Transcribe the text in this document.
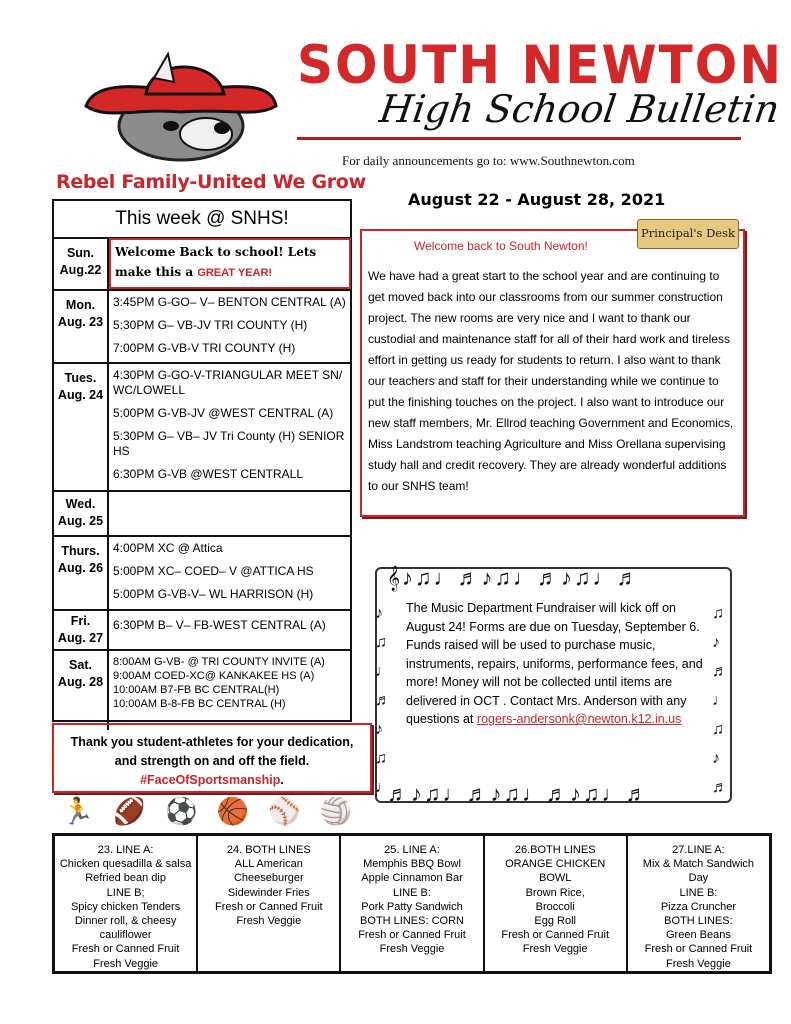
SOUTH NEWTON
High School Bulletin
For daily announcements go to: www.Southnewton.com
Rebel Family-United We Grow
August 22 - August 28, 2021
This week @ SNHS!
Sun.
Aug.22
Welcome Back to school! Lets make this a GREAT YEAR!
Mon.
Aug. 23
3:45PM G-GO– V– BENTON CENTRAL (A)
5:30PM G– VB-JV TRI COUNTY (H)
7:00PM G-VB-V TRI COUNTY (H)
Tues.
Aug. 24
4:30PM G-GO-V-TRIANGULAR MEET SN/ WC/LOWELL
5:00PM G-VB-JV @WEST CENTRAL (A)
5:30PM G– VB– JV Tri County (H) SENIOR HS
6:30PM G-VB @WEST CENTRALL
Wed.
Aug. 25
Thurs.
Aug. 26
4:00PM XC @ Attica
5:00PM XC– COED– V @ATTICA HS
5:00PM G-VB-V– WL HARRISON (H)
Fri.
Aug. 27
6:30PM B– V– FB-WEST CENTRAL (A)
Sat.
Aug. 28
8:00AM G-VB- @ TRI COUNTY INVITE (A)
9:00AM COED-XC@ KANKAKEE HS (A)
10:00AM B7-FB BC CENTRAL(H)
10:00AM B-8-FB BC CENTRAL (H)
Welcome back to South Newton!
We have had a great start to the school year and are continuing to get moved back into our classrooms from our summer construction project. The new rooms are very nice and I want to thank our custodial and maintenance staff for all of their hard work and tireless effort in getting us ready for students to return. I also want to thank our teachers and staff for their understanding while we continue to put the finishing touches on the project. I also want to introduce our new staff members, Mr. Ellrod teaching Government and Economics, Miss Landstrom teaching Agriculture and Miss Orellana supervising study hall and credit recovery. They are already wonderful additions to our SNHS team!
Principal's Desk
𝄞♪♫♩♬♪♫♩♬♪♫♩♬
♪
♫
♩
♬
♪
♫
♩
♫
♪
♬
♩
♫
♪
♬
♬♪♫♩♬♪♫♩♬♪♫♩♬
The Music Department Fundraiser will kick off on August 24! Forms are due on Tuesday, September 6. Funds raised will be used to purchase music, instruments, repairs, uniforms, performance fees, and more! Money will not be collected until items are delivered in OCT . Contact Mrs. Anderson with any questions at rogers-andersonk@newton.k12.in.us
Thank you student-athletes for your dedication,
and strength on and off the field.
#FaceOfSportsmanship.
🏃 🏈 ⚽ 🏀 ⚾ 🏐
23. LINE A:
Chicken quesadilla & salsa
Refried bean dip
LINE B;
Spicy chicken Tenders
Dinner roll, & cheesy
cauliflower
Fresh or Canned Fruit
Fresh Veggie
24. BOTH LINES
ALL American
Cheeseburger
Sidewinder Fries
Fresh or Canned Fruit
Fresh Veggie
25. LINE A:
Memphis BBQ Bowl
Apple Cinnamon Bar
LINE B:
Pork Patty Sandwich
BOTH LINES: CORN
Fresh or Canned Fruit
Fresh Veggie
26.BOTH LINES
ORANGE CHICKEN
BOWL
Brown Rice,
Broccoli
Egg Roll
Fresh or Canned Fruit
Fresh Veggie
27.LINE A:
Mix & Match Sandwich
Day
LINE B:
Pizza Cruncher
BOTH LINES:
Green Beans
Fresh or Canned Fruit
Fresh Veggie
